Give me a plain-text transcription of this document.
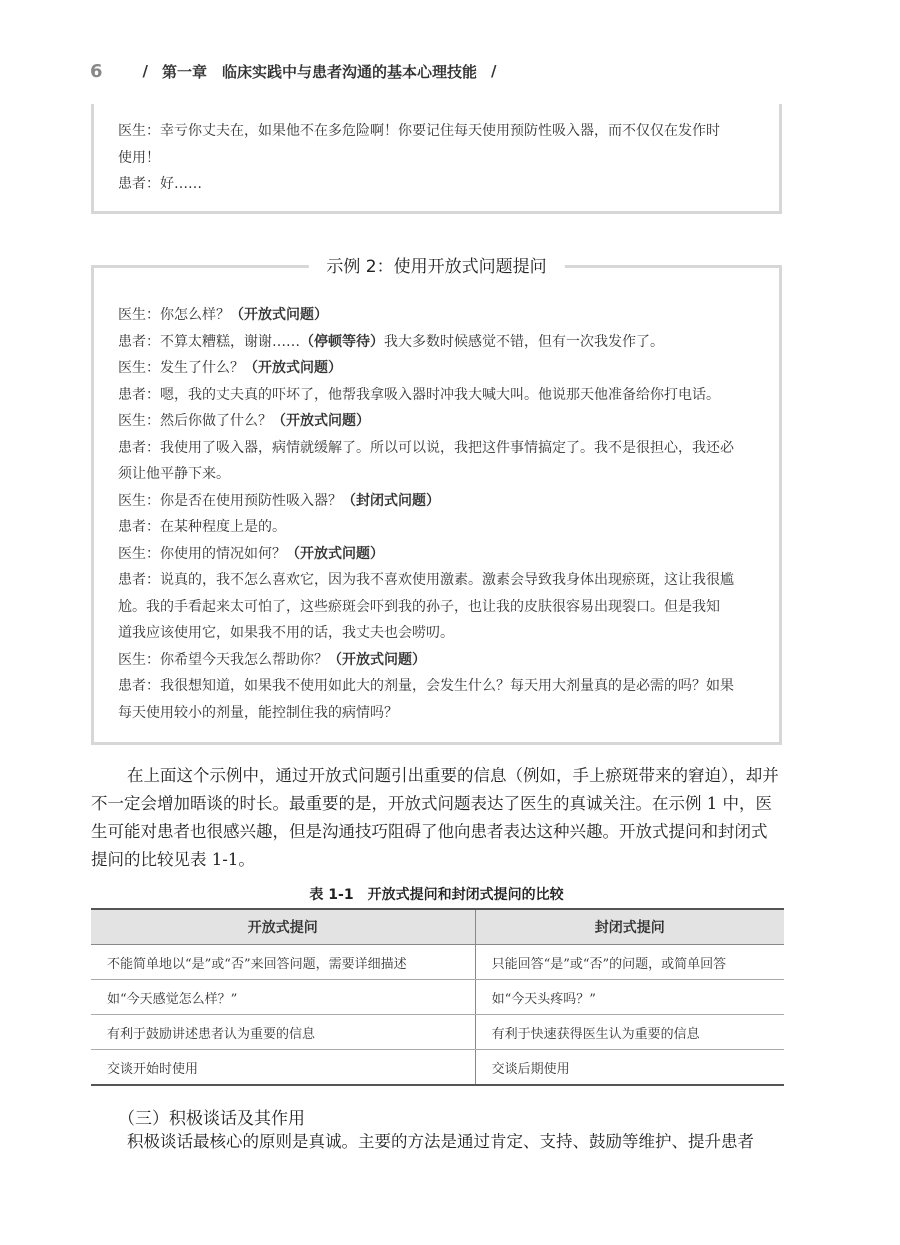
6	/ 第一章　临床实践中与患者沟通的基本心理技能 /

医生：幸亏你丈夫在，如果他不在多危险啊！你要记住每天使用预防性吸入器，而不仅仅在发作时

使用！

患者：好……

示例 2：使用开放式问题提问

医生：你怎么样？（开放式问题）

患者：不算太糟糕，谢谢……（停顿等待）我大多数时候感觉不错，但有一次我发作了。

医生：发生了什么？（开放式问题）

患者：嗯，我的丈夫真的吓坏了，他帮我拿吸入器时冲我大喊大叫。他说那天他准备给你打电话。

医生：然后你做了什么？（开放式问题）

患者：我使用了吸入器，病情就缓解了。所以可以说，我把这件事情搞定了。我不是很担心，我还必

须让他平静下来。

医生：你是否在使用预防性吸入器？（封闭式问题）

患者：在某种程度上是的。

医生：你使用的情况如何？（开放式问题）

患者：说真的，我不怎么喜欢它，因为我不喜欢使用激素。激素会导致我身体出现瘀斑，这让我很尴

尬。我的手看起来太可怕了，这些瘀斑会吓到我的孙子，也让我的皮肤很容易出现裂口。但是我知

道我应该使用它，如果我不用的话，我丈夫也会唠叨。

医生：你希望今天我怎么帮助你？（开放式问题）

患者：我很想知道，如果我不使用如此大的剂量，会发生什么？每天用大剂量真的是必需的吗？如果

每天使用较小的剂量，能控制住我的病情吗？

在上面这个示例中，通过开放式问题引出重要的信息（例如，手上瘀斑带来的窘迫），却并不一定会增加晤谈的时长。最重要的是，开放式问题表达了医生的真诚关注。在示例 1 中，医生可能对患者也很感兴趣，但是沟通技巧阻碍了他向患者表达这种兴趣。开放式提问和封闭式提问的比较见表 1-1。

表 1-1　开放式提问和封闭式提问的比较
开放式提问	封闭式提问
不能简单地以“是”或“否”来回答问题，需要详细描述	只能回答“是”或“否”的问题，或简单回答
如“今天感觉怎么样？”	如“今天头疼吗？”
有利于鼓励讲述患者认为重要的信息	有利于快速获得医生认为重要的信息
交谈开始时使用	交谈后期使用
（三）积极谈话及其作用

积极谈话最核心的原则是真诚。主要的方法是通过肯定、支持、鼓励等维护、提升患者
